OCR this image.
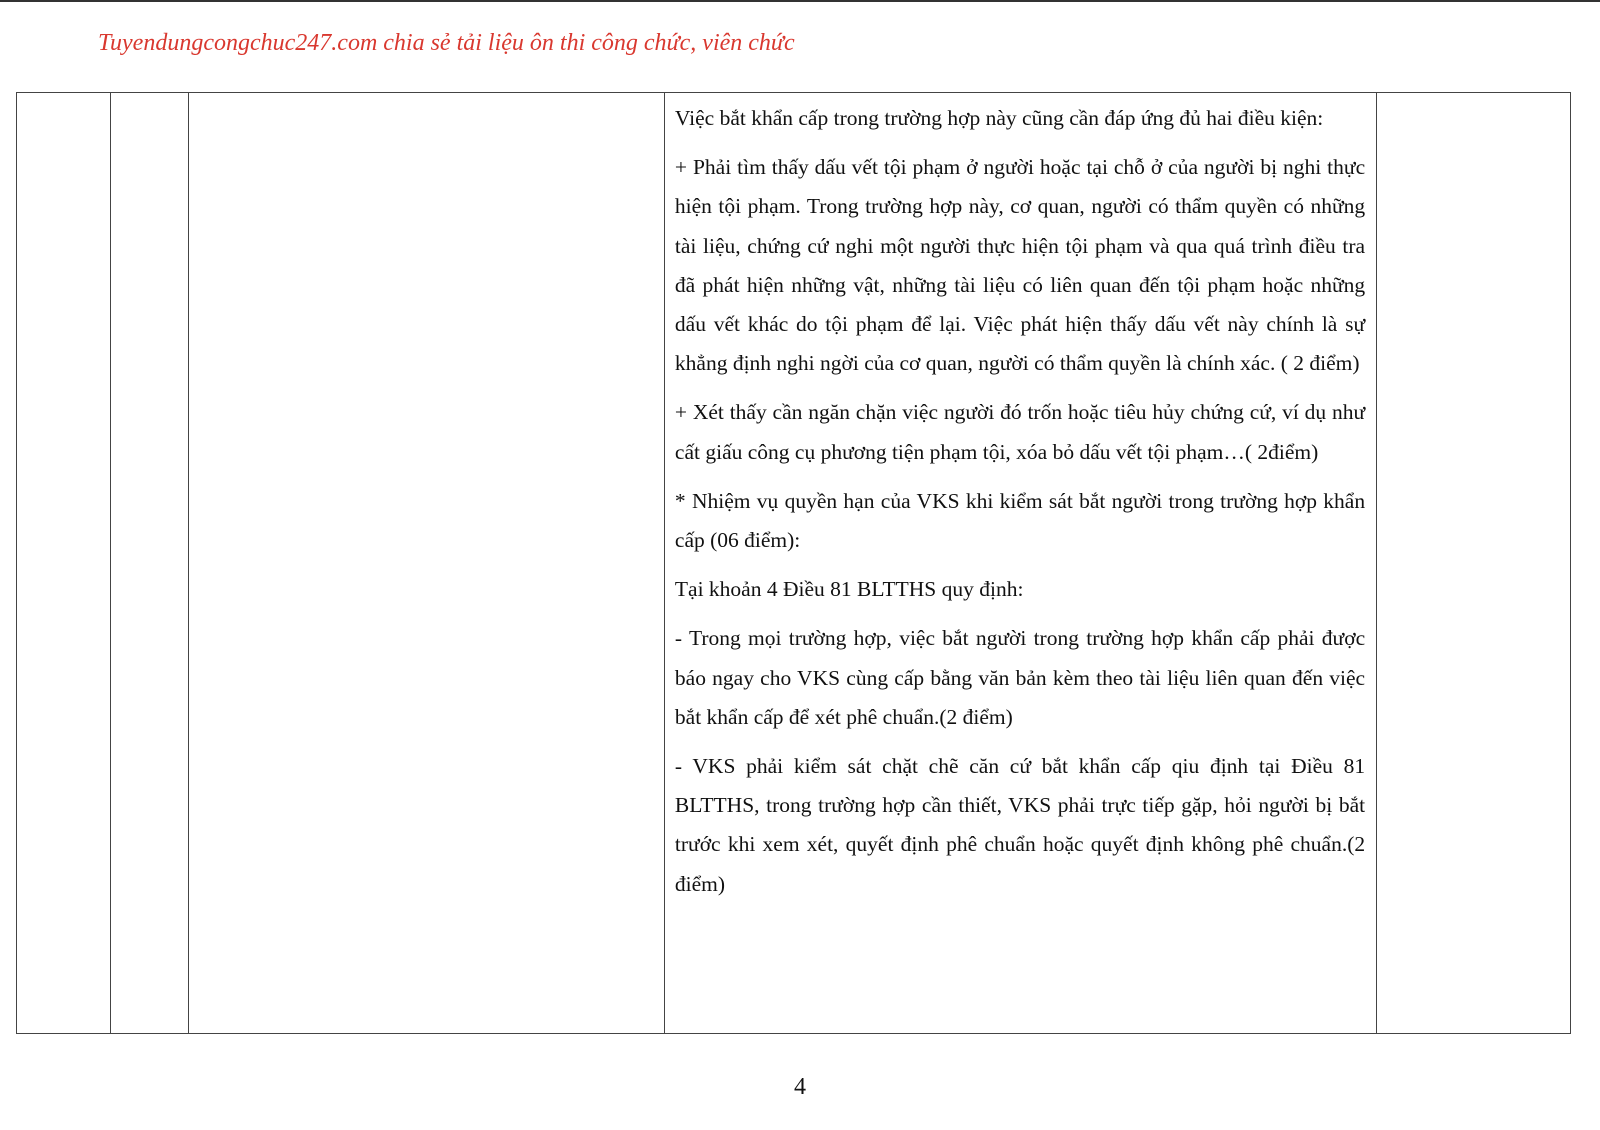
Tuyendungcongchuc247.com chia sẻ tải liệu ôn thi công chức, viên chức

Việc bắt khẩn cấp trong trường hợp này cũng cần đáp ứng đủ hai điều kiện:

+ Phải tìm thấy dấu vết tội phạm ở người hoặc tại chỗ ở của người bị nghi thực hiện tội phạm. Trong trường hợp này, cơ quan, người có thẩm quyền có những tài liệu, chứng cứ nghi một người thực hiện tội phạm và qua quá trình điều tra đã phát hiện những vật, những tài liệu có liên quan đến tội phạm hoặc những dấu vết khác do tội phạm để lại. Việc phát hiện thấy dấu vết này chính là sự khẳng định nghi ngời của cơ quan, người có thẩm quyền là chính xác. ( 2 điểm)

+ Xét thấy cần ngăn chặn việc người đó trốn hoặc tiêu hủy chứng cứ, ví dụ như cất giấu công cụ phương tiện phạm tội, xóa bỏ dấu vết tội phạm…( 2điểm)

* Nhiệm vụ quyền hạn của VKS khi kiểm sát bắt người trong trường hợp khẩn cấp (06 điểm):

Tại khoản 4 Điều 81 BLTTHS quy định:

- Trong mọi trường hợp, việc bắt người trong trường hợp khẩn cấp phải được báo ngay cho VKS cùng cấp bằng văn bản kèm theo tài liệu liên quan đến việc bắt khẩn cấp để xét phê chuẩn.(2 điểm)

- VKS phải kiểm sát chặt chẽ căn cứ bắt khẩn cấp qiu định tại Điều 81 BLTTHS, trong trường hợp cần thiết, VKS phải trực tiếp gặp, hỏi người bị bắt trước khi xem xét, quyết định phê chuẩn hoặc quyết định không phê chuẩn.(2 điểm)

4
